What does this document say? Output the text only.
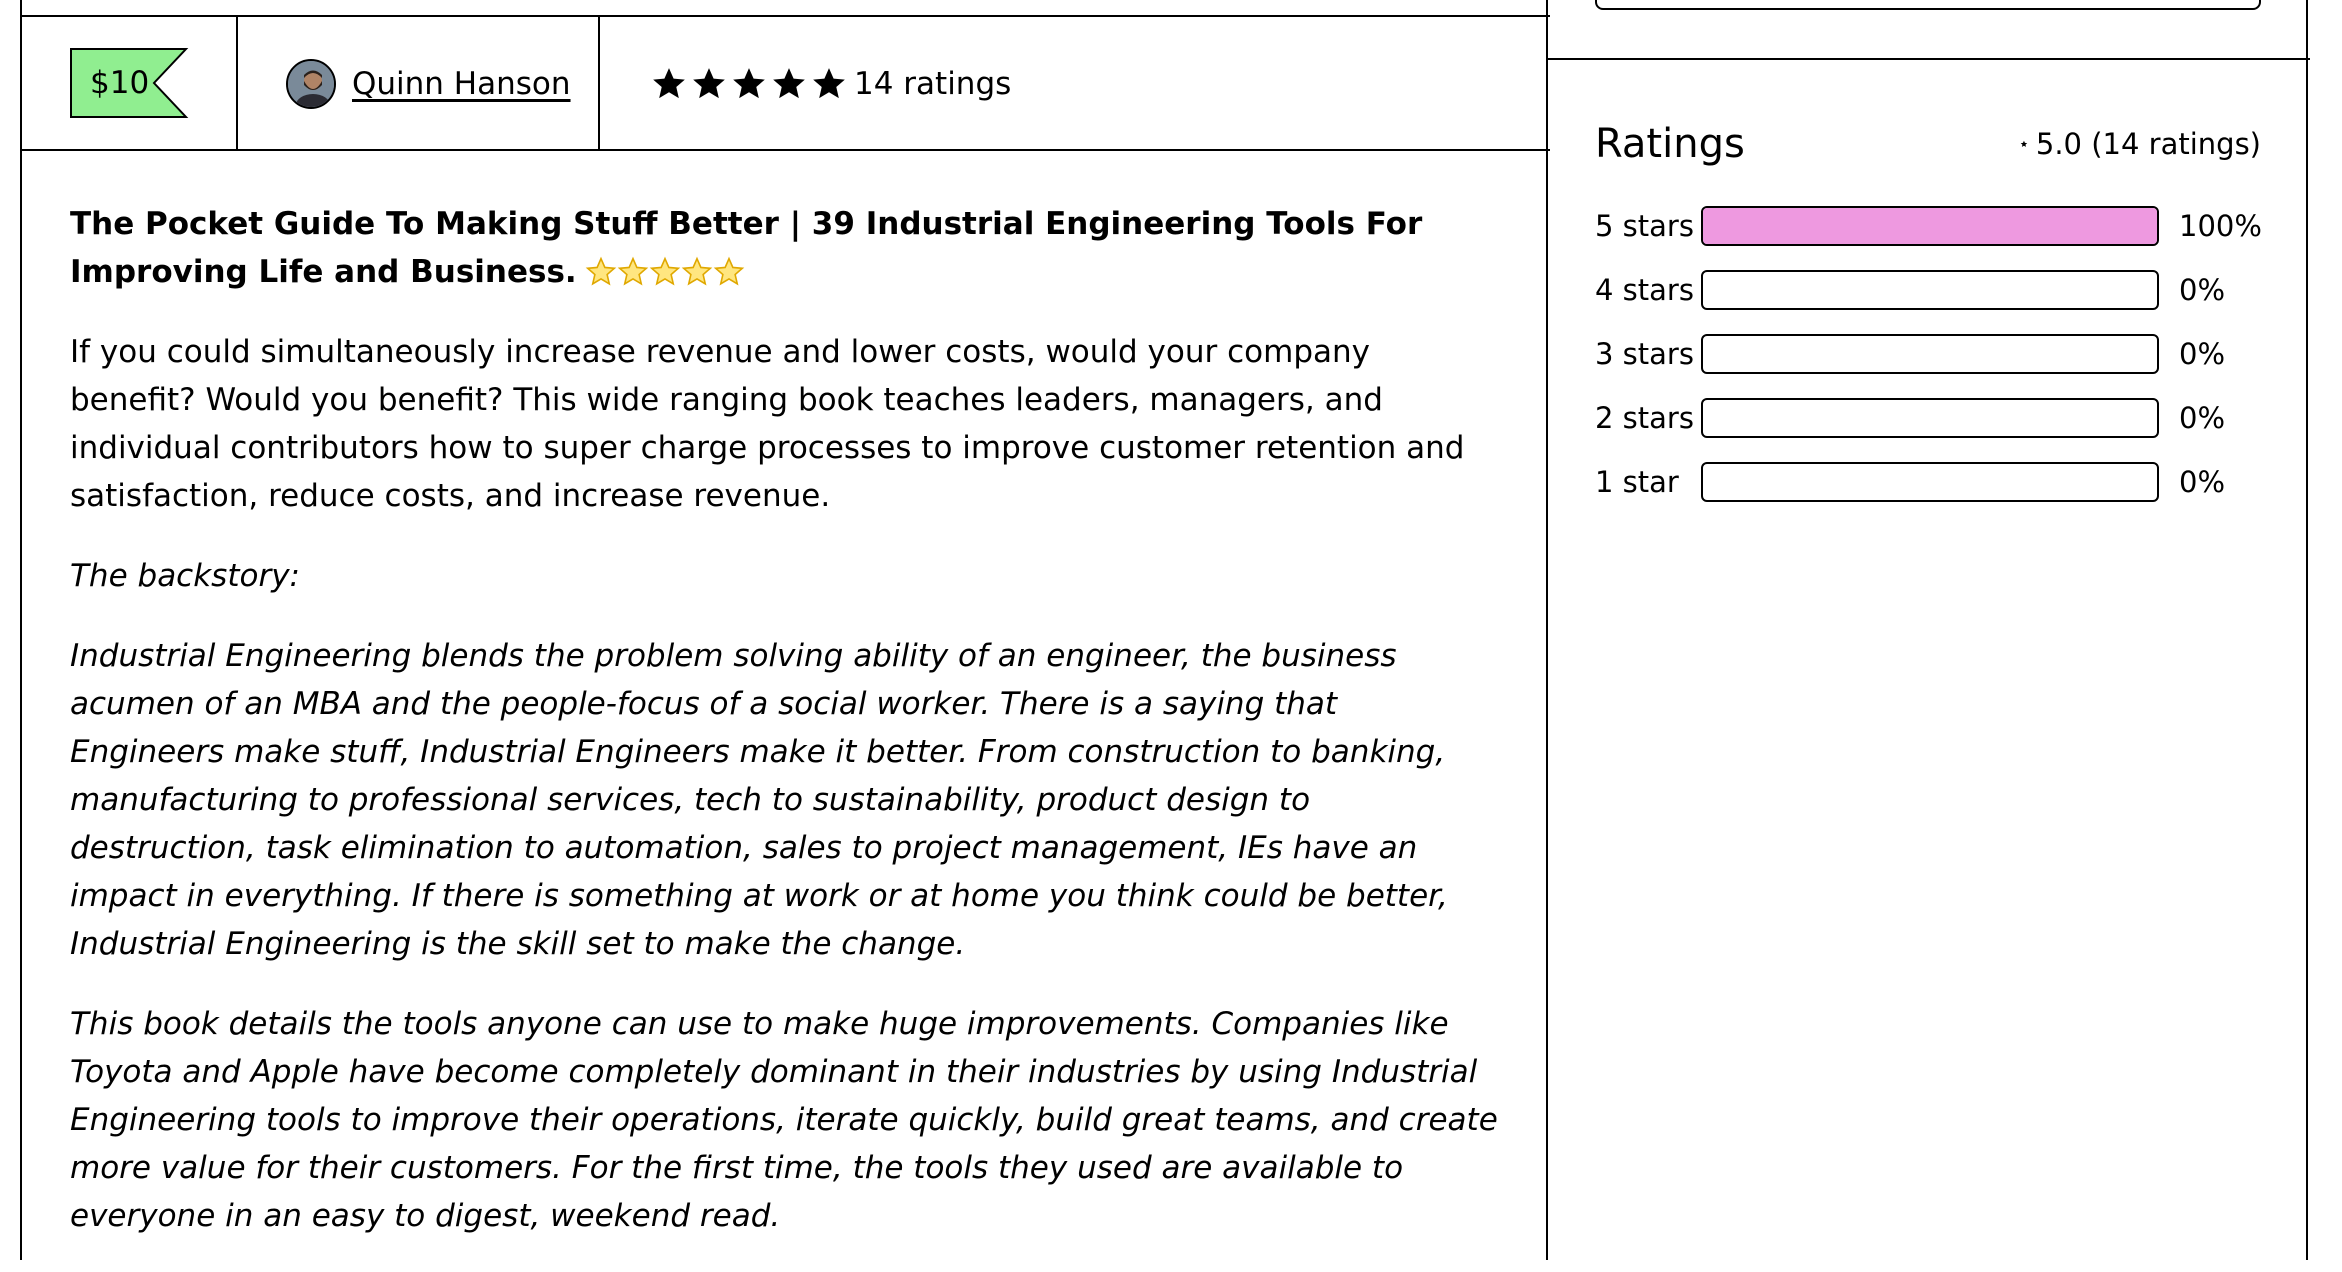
$10	Quinn Hanson	14 ratings

The Pocket Guide To Making Stuff Better | 39 Industrial Engineering Tools For Improving Life and Business.

If you could simultaneously increase revenue and lower costs, would your company benefit? Would you benefit? This wide ranging book teaches leaders, managers, and individual contributors how to super charge processes to improve customer retention and satisfaction, reduce costs, and increase revenue.

The backstory:

Industrial Engineering blends the problem solving ability of an engineer, the business acumen of an MBA and the people-focus of a social worker. There is a saying that Engineers make stuff, Industrial Engineers make it better. From construction to banking, manufacturing to professional services, tech to sustainability, product design to destruction, task elimination to automation, sales to project management, IEs have an impact in everything. If there is something at work or at home you think could be better, Industrial Engineering is the skill set to make the change.

This book details the tools anyone can use to make huge improvements. Companies like Toyota and Apple have become completely dominant in their industries by using Industrial Engineering tools to improve their operations, iterate quickly, build great teams, and create more value for their customers. For the first time, the tools they used are available to everyone in an easy to digest, weekend read.

Ratings	5.0 (14 ratings)
5 stars	100%
4 stars	0%
3 stars	0%
2 stars	0%
1 star	0%
